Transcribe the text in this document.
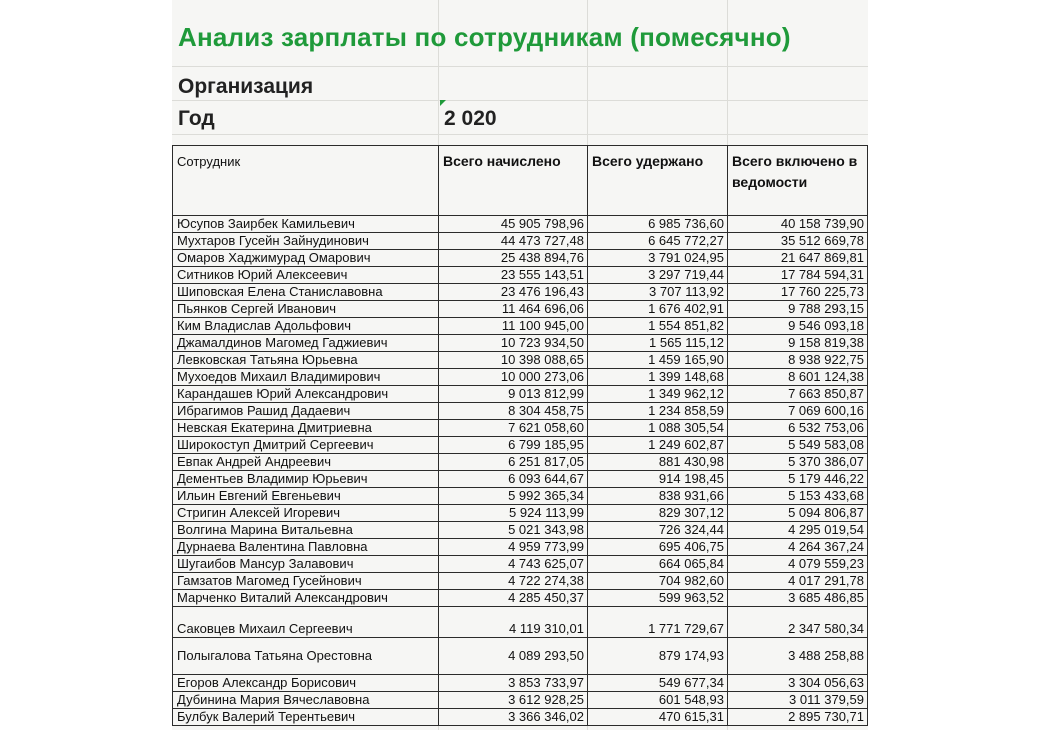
Анализ зарплаты по сотрудникам (помесячно)
Организация
Год	2 020
Сотрудник	Всего начислено	Всего удержано	Всего включено в ведомости
Юсупов Заирбек Камильевич	45 905 798,96	6 985 736,60	40 158 739,90
Мухтаров Гусейн Зайнудинович	44 473 727,48	6 645 772,27	35 512 669,78
Омаров Хаджимурад Омарович	25 438 894,76	3 791 024,95	21 647 869,81
Ситников Юрий Алексеевич	23 555 143,51	3 297 719,44	17 784 594,31
Шиповская Елена Станиславовна	23 476 196,43	3 707 113,92	17 760 225,73
Пьянков Сергей Иванович	11 464 696,06	1 676 402,91	9 788 293,15
Ким Владислав Адольфович	11 100 945,00	1 554 851,82	9 546 093,18
Джамалдинов Магомед Гаджиевич	10 723 934,50	1 565 115,12	9 158 819,38
Левковская Татьяна Юрьевна	10 398 088,65	1 459 165,90	8 938 922,75
Мухоедов Михаил Владимирович	10 000 273,06	1 399 148,68	8 601 124,38
Карандашев Юрий Александрович	9 013 812,99	1 349 962,12	7 663 850,87
Ибрагимов Рашид Дадаевич	8 304 458,75	1 234 858,59	7 069 600,16
Невская Екатерина Дмитриевна	7 621 058,60	1 088 305,54	6 532 753,06
Широкоступ Дмитрий Сергеевич	6 799 185,95	1 249 602,87	5 549 583,08
Евпак Андрей Андреевич	6 251 817,05	881 430,98	5 370 386,07
Дементьев Владимир Юрьевич	6 093 644,67	914 198,45	5 179 446,22
Ильин Евгений Евгеньевич	5 992 365,34	838 931,66	5 153 433,68
Стригин Алексей Игоревич	5 924 113,99	829 307,12	5 094 806,87
Волгина Марина Витальевна	5 021 343,98	726 324,44	4 295 019,54
Дурнаева Валентина Павловна	4 959 773,99	695 406,75	4 264 367,24
Шугаибов Мансур Залавович	4 743 625,07	664 065,84	4 079 559,23
Гамзатов Магомед Гусейнович	4 722 274,38	704 982,60	4 017 291,78
Марченко Виталий Александрович	4 285 450,37	599 963,52	3 685 486,85
Саковцев Михаил Сергеевич	4 119 310,01	1 771 729,67	2 347 580,34
Полыгалова Татьяна Орестовна	4 089 293,50	879 174,93	3 488 258,88
Егоров Александр Борисович	3 853 733,97	549 677,34	3 304 056,63
Дубинина Мария Вячеславовна	3 612 928,25	601 548,93	3 011 379,59
Булбук Валерий Терентьевич	3 366 346,02	470 615,31	2 895 730,71
